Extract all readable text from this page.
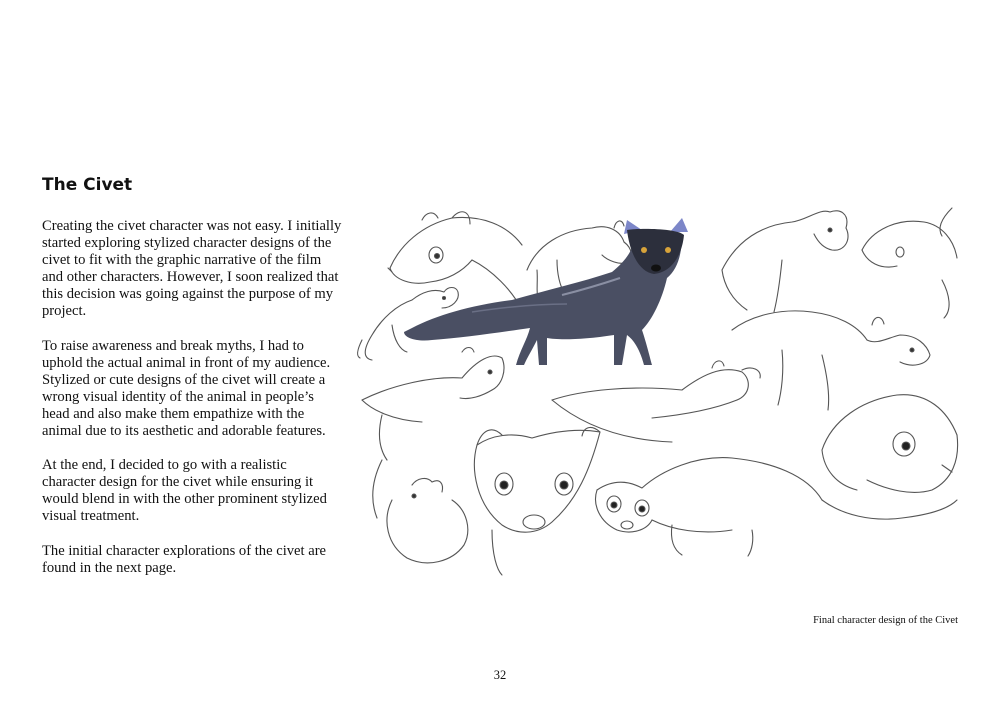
The Civet

Creating the civet character was not easy. I initially started exploring stylized character designs of the civet to fit with the graphic narrative of the film and other characters. However, I soon realized that this decision was going against the purpose of my project.

To raise awareness and break myths, I had to uphold the actual animal in front of my audience. Stylized or cute designs of the civet will create a wrong visual identity of the animal in people’s head and also make them empathize with the animal due to its aesthetic and adorable features.

At the end, I decided to go with a realistic character design for the civet while ensuring it would blend in with the other prominent stylized visual treatment.

The initial character explorations of the civet are found in the next page.

Final character design of the Civet
32
